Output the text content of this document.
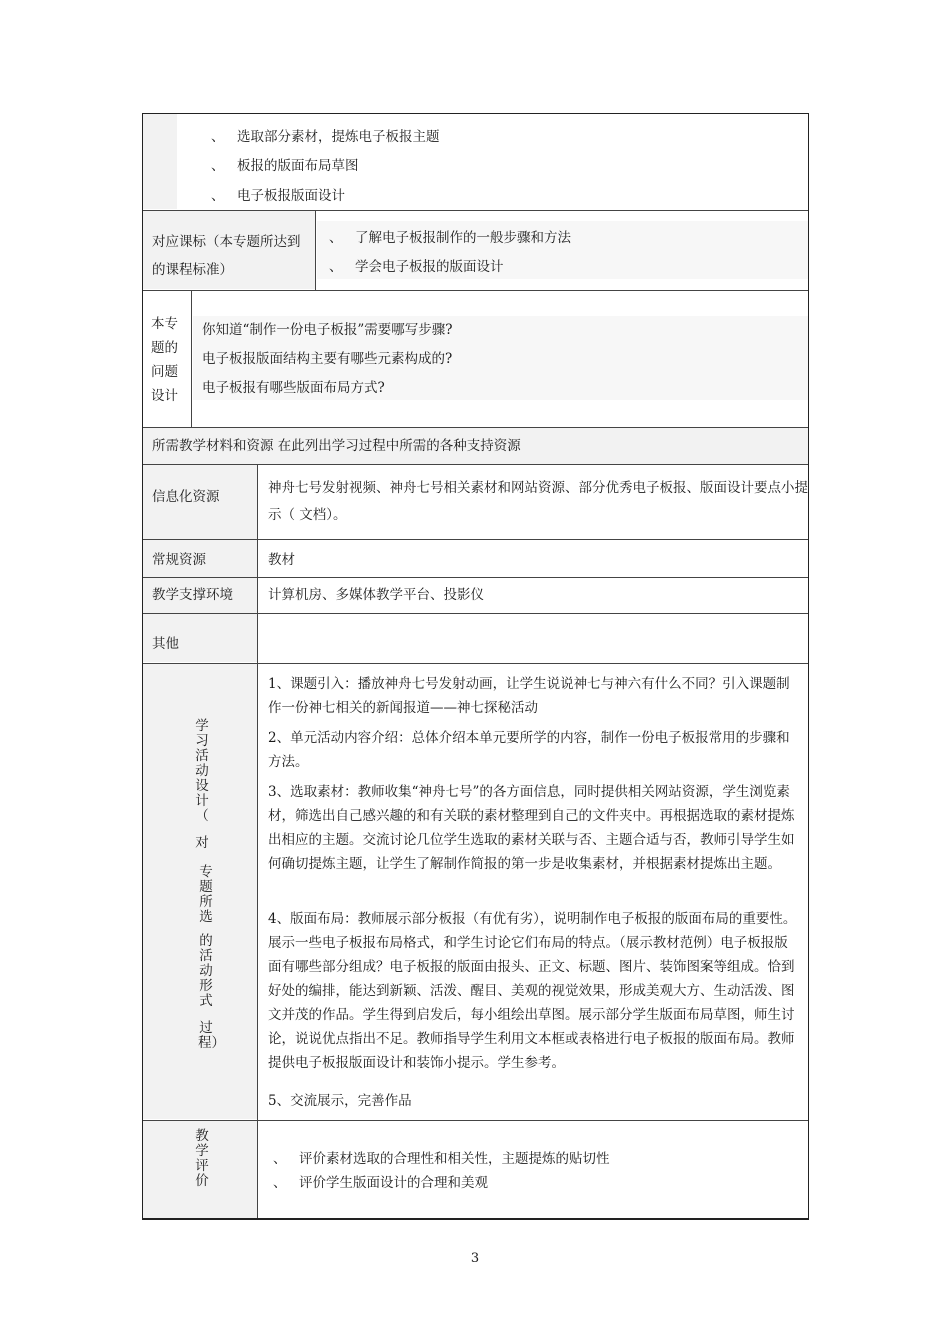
、 选取部分素材，提炼电子板报主题
、 板报的版面布局草图
、 电子板报版面设计
对应课标（本专题所达到的课程标准）
、 了解电子板报制作的一般步骤和方法
、 学会电子板报的版面设计
本专题的问题设计
你知道“制作一份电子板报”需要哪写步骤?
电子板报版面结构主要有哪些元素构成的?
电子板报有哪些版面布局方式?
所需教学材料和资源 在此列出学习过程中所需的各种支持资源
信息化资源
神舟七号发射视频、神舟七号相关素材和网站资源、部分优秀电子板报、版面设计要点小提示（ 文档）。
常规资源	教材
教学支撑环境	计算机房、多媒体教学平台、投影仪
其他
学习活动设计（
对
专题所选
的活动形式
过程）
1、课题引入：播放神舟七号发射动画，让学生说说神七与神六有什么不同？引入课题制作一份神七相关的新闻报道——神七探秘活动
2、单元活动内容介绍：总体介绍本单元要所学的内容，制作一份电子板报常用的步骤和方法。
3、选取素材：教师收集“神舟七号”的各方面信息，同时提供相关网站资源，学生浏览素材，筛选出自己感兴趣的和有关联的素材整理到自己的文件夹中。再根据选取的素材提炼出相应的主题。交流讨论几位学生选取的素材关联与否、主题合适与否，教师引导学生如何确切提炼主题，让学生了解制作简报的第一步是收集素材，并根据素材提炼出主题。
4、版面布局：教师展示部分板报（有优有劣），说明制作电子板报的版面布局的重要性。展示一些电子板报布局格式，和学生讨论它们布局的特点。（展示教材范例）电子板报版面有哪些部分组成？电子板报的版面由报头、正文、标题、图片、装饰图案等组成。恰到好处的编排，能达到新颖、活泼、醒目、美观的视觉效果，形成美观大方、生动活泼、图文并茂的作品。学生得到启发后，每小组绘出草图。展示部分学生版面布局草图，师生讨论，说说优点指出不足。教师指导学生利用文本框或表格进行电子板报的版面布局。教师提供电子板报版面设计和装饰小提示。学生参考。
5、交流展示，完善作品
教学评价
、 评价素材选取的合理性和相关性，主题提炼的贴切性
、 评价学生版面设计的合理和美观
3
